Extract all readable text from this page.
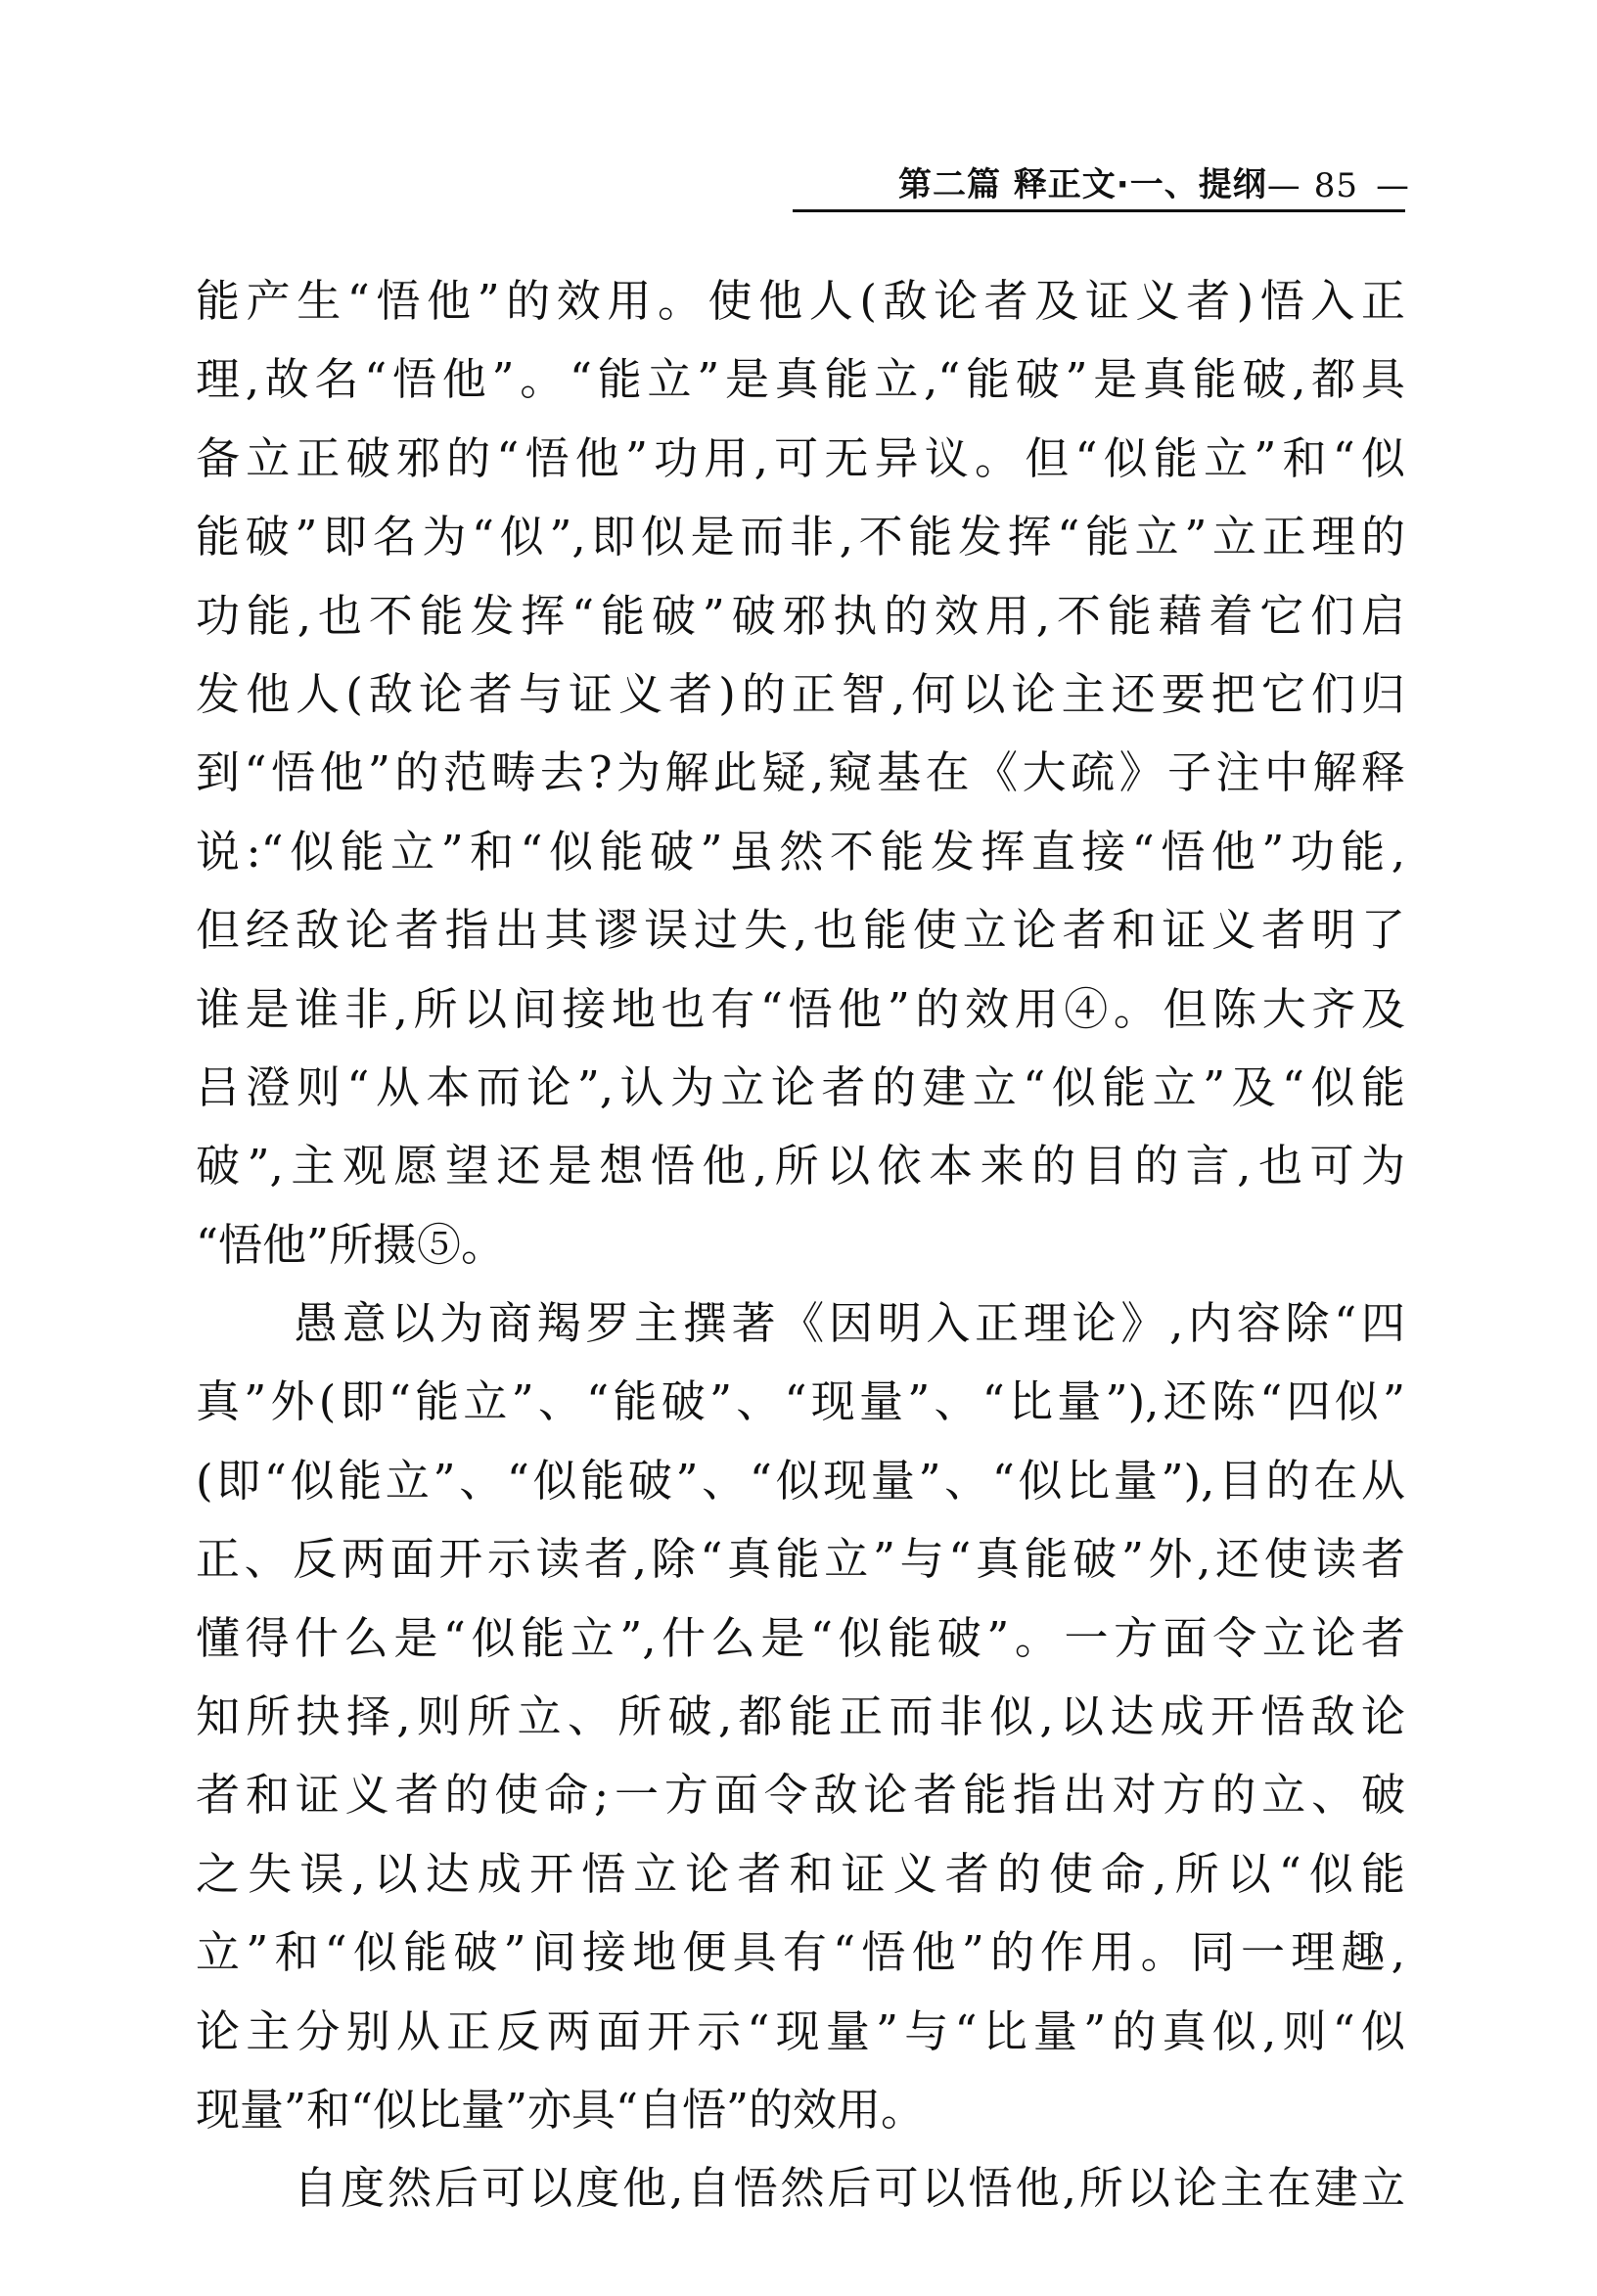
第二篇 释正文·一、提纲 — 85 —
能产生“悟他”的效用。使他人(敌论者及证义者)悟入正
理,故名“悟他”。“能立”是真能立,“能破”是真能破,都具
备立正破邪的“悟他”功用,可无异议。但“似能立”和“似
能破”即名为“似”,即似是而非,不能发挥“能立”立正理的
功能,也不能发挥“能破”破邪执的效用,不能藉着它们启
发他人(敌论者与证义者)的正智,何以论主还要把它们归
到“悟他”的范畴去?为解此疑,窥基在《大疏》子注中解释
说:“似能立”和“似能破”虽然不能发挥直接“悟他”功能,
但经敌论者指出其谬误过失,也能使立论者和证义者明了
谁是谁非,所以间接地也有“悟他”的效用④。但陈大齐及
吕澄则“从本而论”,认为立论者的建立“似能立”及“似能
破”,主观愿望还是想悟他,所以依本来的目的言,也可为
“悟他”所摄⑤。
愚意以为商羯罗主撰著《因明入正理论》,内容除“四
真”外(即“能立”、“能破”、“现量”、“比量”),还陈“四似”
(即“似能立”、“似能破”、“似现量”、“似比量”),目的在从
正、反两面开示读者,除“真能立”与“真能破”外,还使读者
懂得什么是“似能立”,什么是“似能破”。一方面令立论者
知所抉择,则所立、所破,都能正而非似,以达成开悟敌论
者和证义者的使命;一方面令敌论者能指出对方的立、破
之失误,以达成开悟立论者和证义者的使命,所以“似能
立”和“似能破”间接地便具有“悟他”的作用。同一理趣,
论主分别从正反两面开示“现量”与“比量”的真似,则“似
现量”和“似比量”亦具“自悟”的效用。
自度然后可以度他,自悟然后可以悟他,所以论主在建立
